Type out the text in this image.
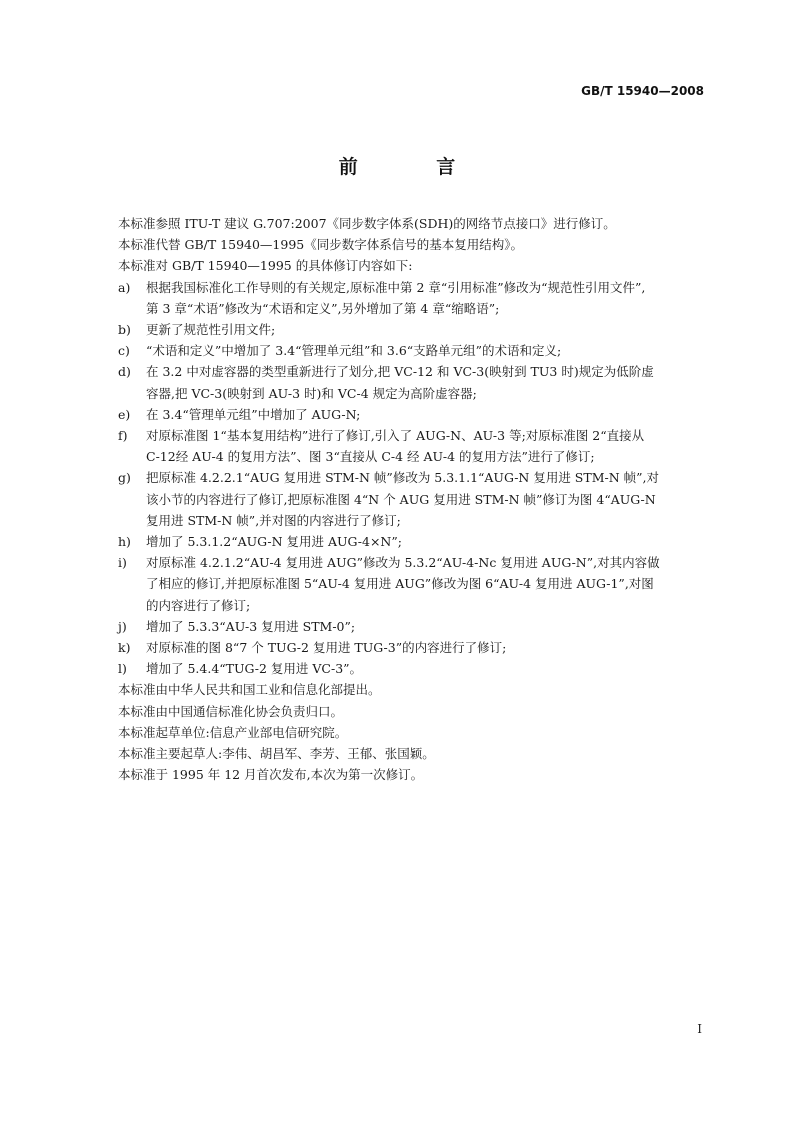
GB/T 15940—2008
前 言

本标准参照 ITU-T 建议 G.707:2007《同步数字体系(SDH)的网络节点接口》进行修订。

本标准代替 GB/T 15940—1995《同步数字体系信号的基本复用结构》。

本标准对 GB/T 15940—1995 的具体修订内容如下:

a) 根据我国标准化工作导则的有关规定,原标准中第 2 章“引用标准”修改为“规范性引用文件”,
第 3 章“术语”修改为“术语和定义”,另外增加了第 4 章“缩略语”;
b) 更新了规范性引用文件;
c) “术语和定义”中增加了 3.4“管理单元组”和 3.6“支路单元组”的术语和定义;
d) 在 3.2 中对虚容器的类型重新进行了划分,把 VC-12 和 VC-3(映射到 TU3 时)规定为低阶虚
容器,把 VC-3(映射到 AU-3 时)和 VC-4 规定为高阶虚容器;
e) 在 3.4“管理单元组”中增加了 AUG-N;
f) 对原标准图 1“基本复用结构”进行了修订,引入了 AUG-N、AU-3 等;对原标准图 2“直接从
C-12经 AU-4 的复用方法”、图 3“直接从 C-4 经 AU-4 的复用方法”进行了修订;
g) 把原标准 4.2.2.1“AUG 复用进 STM-N 帧”修改为 5.3.1.1“AUG-N 复用进 STM-N 帧”,对
该小节的内容进行了修订,把原标准图 4“N 个 AUG 复用进 STM-N 帧”修订为图 4“AUG-N
复用进 STM-N 帧”,并对图的内容进行了修订;
h) 增加了 5.3.1.2“AUG-N 复用进 AUG-4×N”;
i) 对原标准 4.2.1.2“AU-4 复用进 AUG”修改为 5.3.2“AU-4-Nc 复用进 AUG-N”,对其内容做
了相应的修订,并把原标准图 5“AU-4 复用进 AUG”修改为图 6“AU-4 复用进 AUG-1”,对图
的内容进行了修订;
j) 增加了 5.3.3“AU-3 复用进 STM-0”;
k) 对原标准的图 8“7 个 TUG-2 复用进 TUG-3”的内容进行了修订;
l) 增加了 5.4.4“TUG-2 复用进 VC-3”。

本标准由中华人民共和国工业和信息化部提出。

本标准由中国通信标准化协会负责归口。

本标准起草单位:信息产业部电信研究院。

本标准主要起草人:李伟、胡昌军、李芳、王郁、张国颖。

本标准于 1995 年 12 月首次发布,本次为第一次修订。

I
